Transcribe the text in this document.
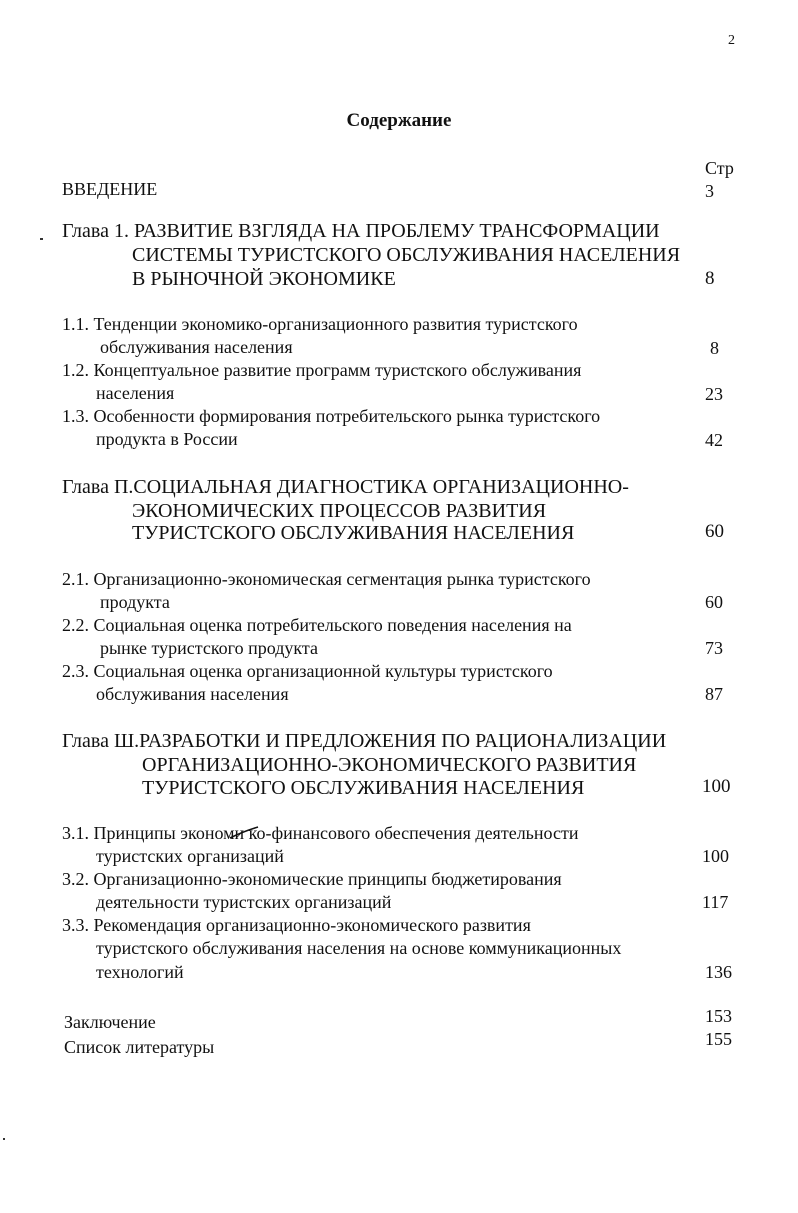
2
Содержание
Стр
ВВЕДЕНИЕ	3
Глава 1. РАЗВИТИЕ ВЗГЛЯДА НА ПРОБЛЕМУ ТРАНСФОРМАЦИИ
СИСТЕМЫ ТУРИСТСКОГО ОБСЛУЖИВАНИЯ НАСЕЛЕНИЯ
В РЫНОЧНОЙ ЭКОНОМИКЕ	8
1.1. Тенденции экономико-организационного развития туристского
обслуживания населения	8
1.2. Концептуальное развитие программ туристского обслуживания
населения	23
1.3. Особенности формирования потребительского рынка туристского
продукта в России	42
Глава П.СОЦИАЛЬНАЯ ДИАГНОСТИКА ОРГАНИЗАЦИОННО-
ЭКОНОМИЧЕСКИХ ПРОЦЕССОВ РАЗВИТИЯ
ТУРИСТСКОГО ОБСЛУЖИВАНИЯ НАСЕЛЕНИЯ	60
2.1. Организационно-экономическая сегментация рынка туристского
продукта	60
2.2. Социальная оценка потребительского поведения населения на
рынке туристского продукта	73
2.3. Социальная оценка организационной культуры туристского
обслуживания населения	87
Глава Ш.РАЗРАБОТКИ И ПРЕДЛОЖЕНИЯ ПО РАЦИОНАЛИЗАЦИИ
ОРГАНИЗАЦИОННО-ЭКОНОМИЧЕСКОГО РАЗВИТИЯ
ТУРИСТСКОГО ОБСЛУЖИВАНИЯ НАСЕЛЕНИЯ	100
3.1. Принципы экономи ко-финансового обеспечения деятельности
туристских организаций	100
3.2. Организационно-экономические принципы бюджетирования
деятельности туристских организаций	117
3.3. Рекомендация организационно-экономического развития
туристского обслуживания населения на основе коммуникационных
технологий	136
Заключение	153
Список литературы	155
